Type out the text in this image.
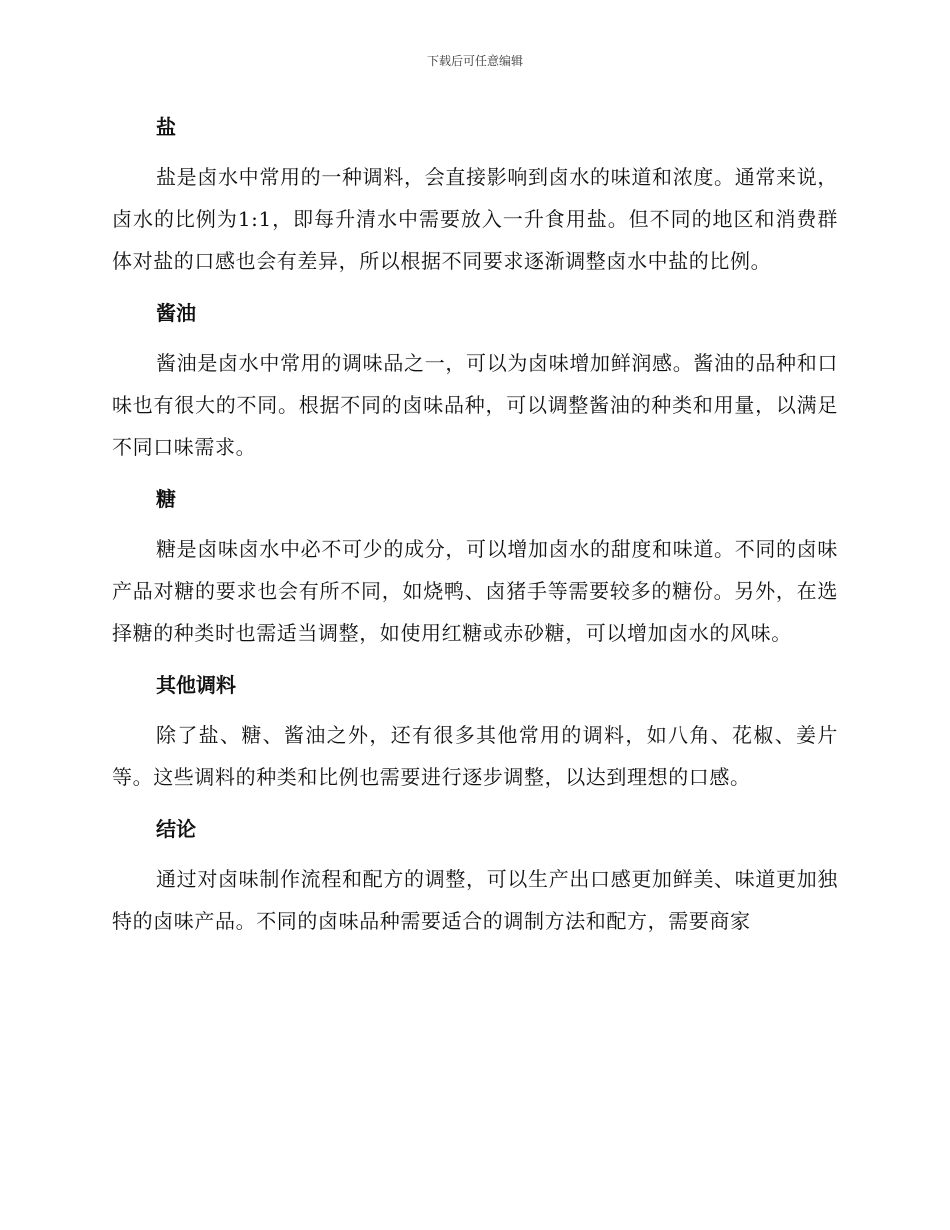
下载后可任意编辑
盐

盐是卤水中常用的一种调料，会直接影响到卤水的味道和浓度。通常来说，卤水的比例为1:1，即每升清水中需要放入一升食用盐。但不同的地区和消费群体对盐的口感也会有差异，所以根据不同要求逐渐调整卤水中盐的比例。

酱油

酱油是卤水中常用的调味品之一，可以为卤味增加鲜润感。酱油的品种和口味也有很大的不同。根据不同的卤味品种，可以调整酱油的种类和用量，以满足不同口味需求。

糖

糖是卤味卤水中必不可少的成分，可以增加卤水的甜度和味道。不同的卤味产品对糖的要求也会有所不同，如烧鸭、卤猪手等需要较多的糖份。另外，在选择糖的种类时也需适当调整，如使用红糖或赤砂糖，可以增加卤水的风味。

其他调料

除了盐、糖、酱油之外，还有很多其他常用的调料，如八角、花椒、姜片等。这些调料的种类和比例也需要进行逐步调整，以达到理想的口感。

结论

通过对卤味制作流程和配方的调整，可以生产出口感更加鲜美、味道更加独特的卤味产品。不同的卤味品种需要适合的调制方法和配方，需要商家
